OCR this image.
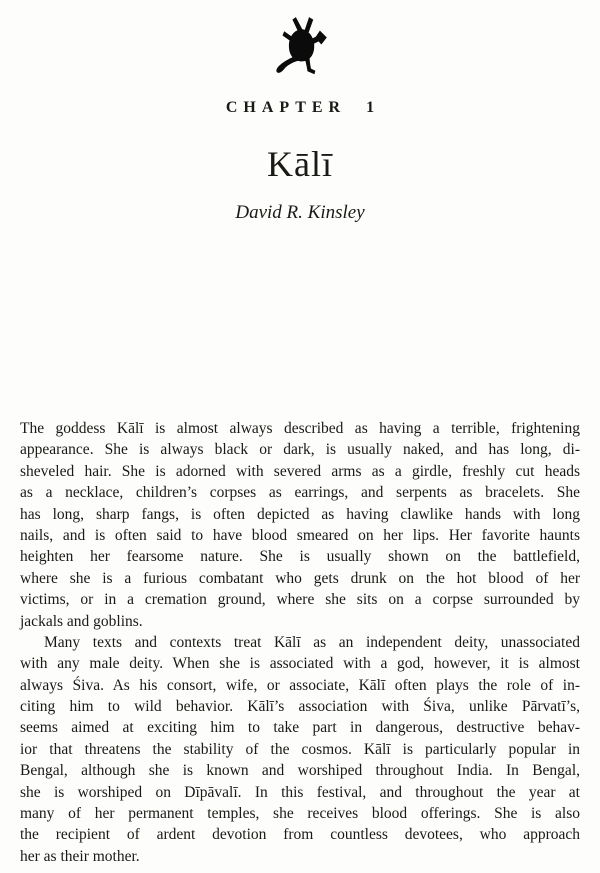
CHAPTER 1
Kālī
David R. Kinsley
The goddess Kālī is almost always described as having a terrible, frightening
appearance. She is always black or dark, is usually naked, and has long, di-
sheveled hair. She is adorned with severed arms as a girdle, freshly cut heads
as a necklace, children’s corpses as earrings, and serpents as bracelets. She
has long, sharp fangs, is often depicted as having clawlike hands with long
nails, and is often said to have blood smeared on her lips. Her favorite haunts
heighten her fearsome nature. She is usually shown on the battlefield,
where she is a furious combatant who gets drunk on the hot blood of her
victims, or in a cremation ground, where she sits on a corpse surrounded by
jackals and goblins.
Many texts and contexts treat Kālī as an independent deity, unassociated
with any male deity. When she is associated with a god, however, it is almost
always Śiva. As his consort, wife, or associate, Kālī often plays the role of in-
citing him to wild behavior. Kālī’s association with Śiva, unlike Pārvatī’s,
seems aimed at exciting him to take part in dangerous, destructive behav-
ior that threatens the stability of the cosmos. Kālī is particularly popular in
Bengal, although she is known and worshiped throughout India. In Bengal,
she is worshiped on Dīpāvalī. In this festival, and throughout the year at
many of her permanent temples, she receives blood offerings. She is also
the recipient of ardent devotion from countless devotees, who approach
her as their mother.
